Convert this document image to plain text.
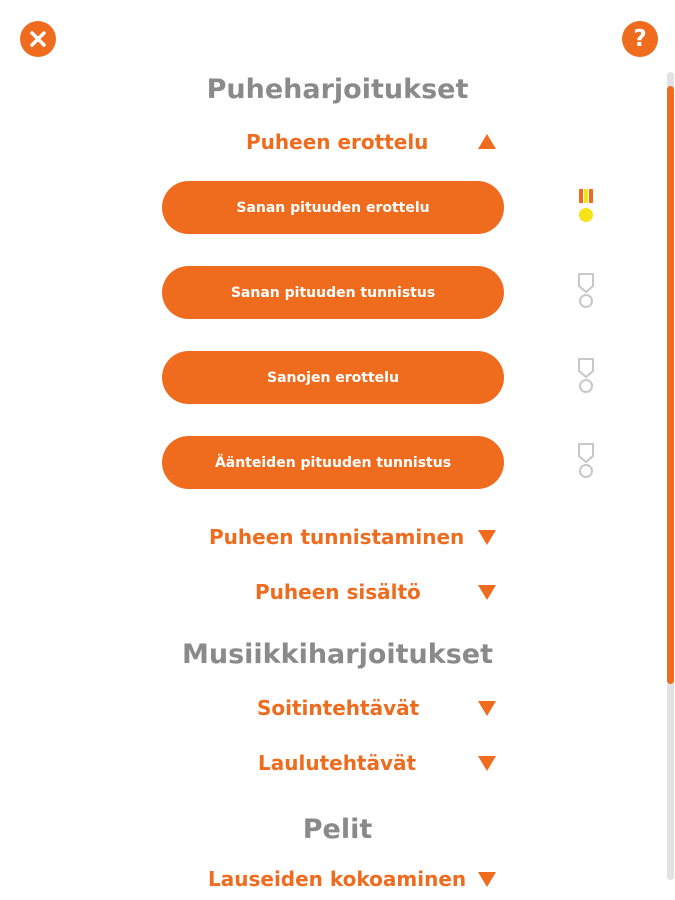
?
Puheharjoitukset
Puheen erottelu
Sanan pituuden erottelu
Sanan pituuden tunnistus
Sanojen erottelu
Äänteiden pituuden tunnistus
Puheen tunnistaminen
Puheen sisältö
Musiikkiharjoitukset
Soitintehtävät
Laulutehtävät
Pelit
Lauseiden kokoaminen
